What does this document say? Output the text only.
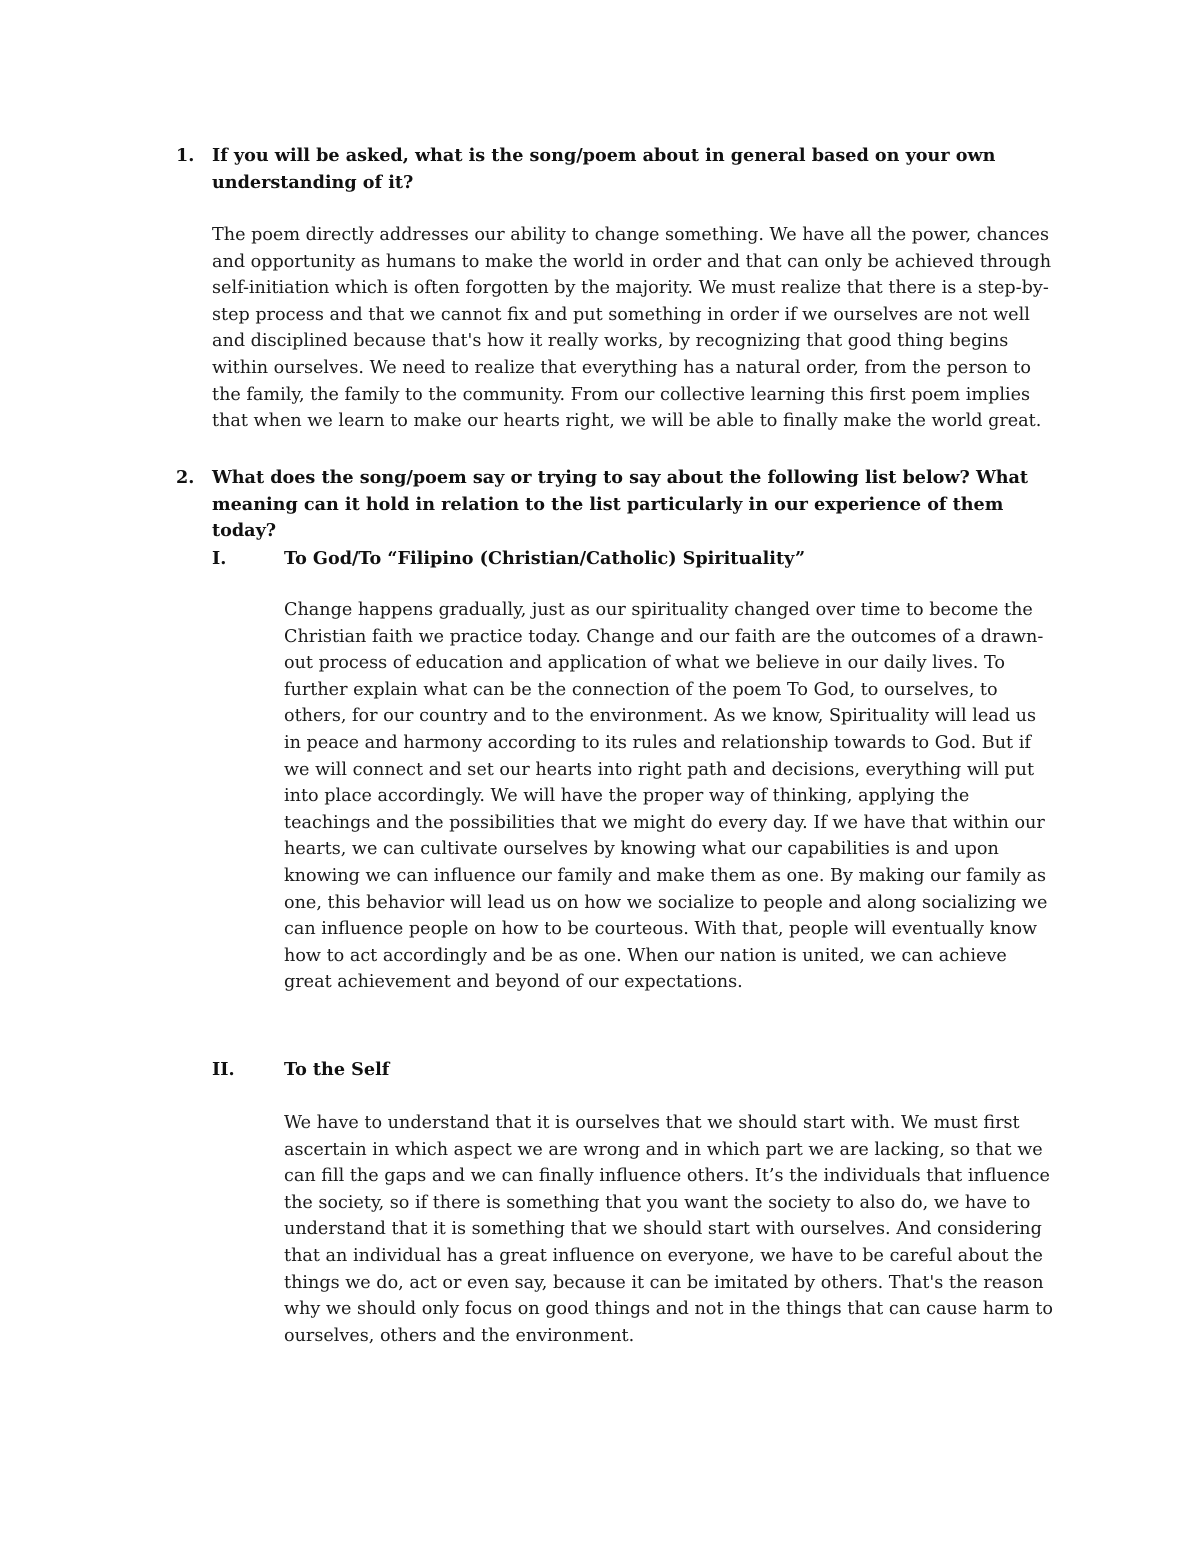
1. If you will be asked, what is the song/poem about in general based on your own understanding of it?
The poem directly addresses our ability to change something. We have all the power, chances and opportunity as humans to make the world in order and that can only be achieved through self-initiation which is often forgotten by the majority. We must realize that there is a step-by-step process and that we cannot fix and put something in order if we ourselves are not well and disciplined because that's how it really works, by recognizing that good thing begins within ourselves. We need to realize that everything has a natural order, from the person to the family, the family to the community. From our collective learning this first poem implies that when we learn to make our hearts right, we will be able to finally make the world great.
2. What does the song/poem say or trying to say about the following list below? What meaning can it hold in relation to the list particularly in our experience of them today?
I.	To God/To “Filipino (Christian/Catholic) Spirituality”
Change happens gradually, just as our spirituality changed over time to become the Christian faith we practice today. Change and our faith are the outcomes of a drawn-out process of education and application of what we believe in our daily lives. To further explain what can be the connection of the poem To God, to ourselves, to others, for our country and to the environment. As we know, Spirituality will lead us in peace and harmony according to its rules and relationship towards to God. But if we will connect and set our hearts into right path and decisions, everything will put into place accordingly. We will have the proper way of thinking, applying the teachings and the possibilities that we might do every day. If we have that within our hearts, we can cultivate ourselves by knowing what our capabilities is and upon knowing we can influence our family and make them as one. By making our family as one, this behavior will lead us on how we socialize to people and along socializing we can influence people on how to be courteous. With that, people will eventually know how to act accordingly and be as one. When our nation is united, we can achieve great achievement and beyond of our expectations.
II.	To the Self
We have to understand that it is ourselves that we should start with. We must first ascertain in which aspect we are wrong and in which part we are lacking, so that we can fill the gaps and we can finally influence others. It’s the individuals that influence the society, so if there is something that you want the society to also do, we have to understand that it is something that we should start with ourselves. And considering that an individual has a great influence on everyone, we have to be careful about the things we do, act or even say, because it can be imitated by others. That's the reason why we should only focus on good things and not in the things that can cause harm to ourselves, others and the environment.
